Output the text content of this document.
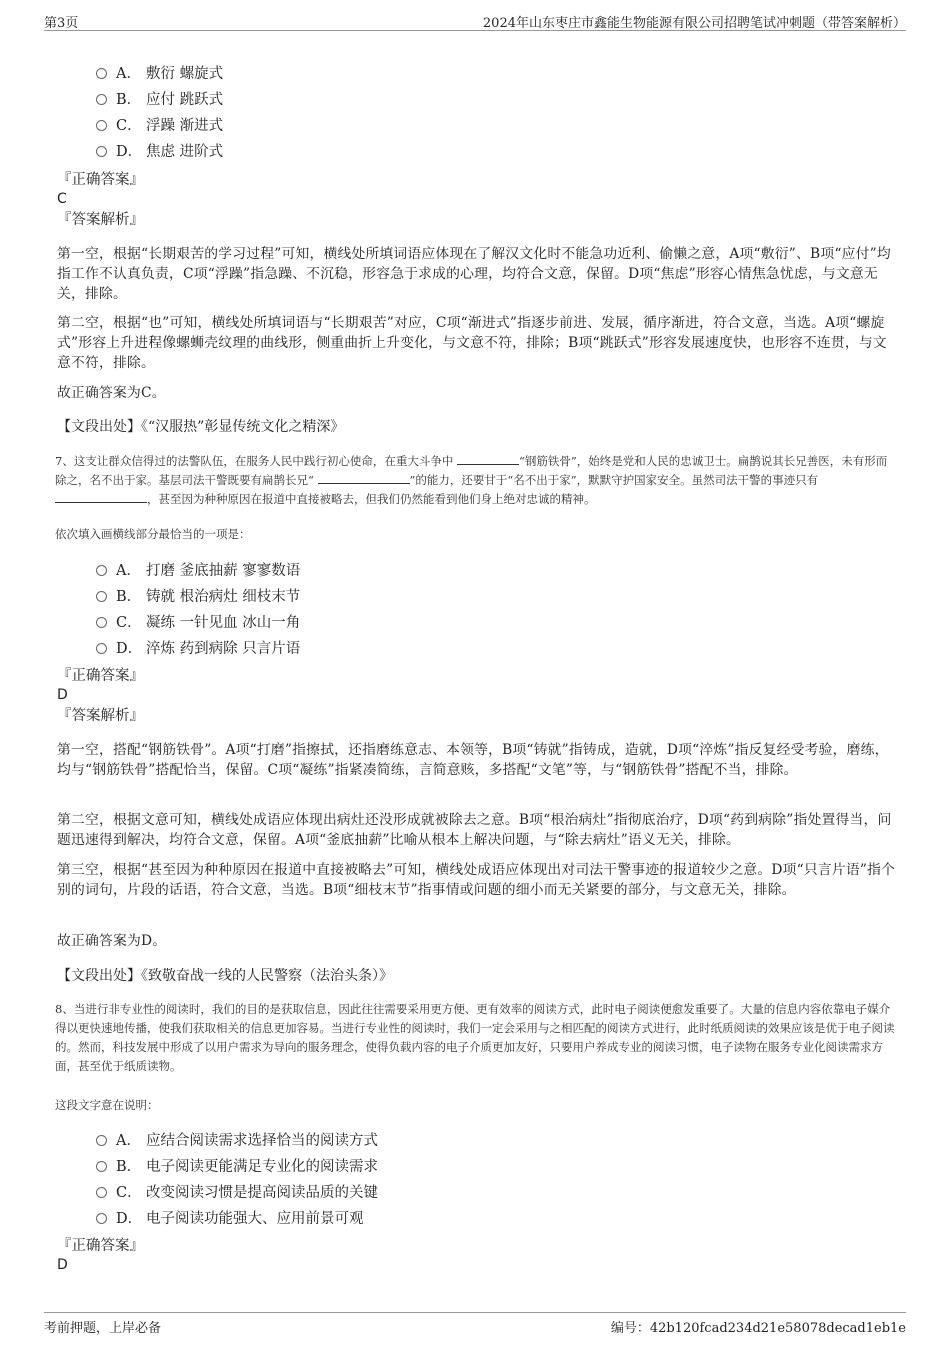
第3页	2024年山东枣庄市鑫能生物能源有限公司招聘笔试冲刺题（带答案解析）
A． 敷衍 螺旋式
B． 应付 跳跃式
C． 浮躁 渐进式
D． 焦虑 进阶式
『正确答案』
C
『答案解析』
第一空，根据“长期艰苦的学习过程”可知，横线处所填词语应体现在了解汉文化时不能急功近利、偷懒之意，A项“敷衍”、B项“应付”均指工作不认真负责，C项“浮躁”指急躁、不沉稳，形容急于求成的心理，均符合文意，保留。D项“焦虑”形容心情焦急忧虑，与文意无关，排除。
第二空，根据“也”可知，横线处所填词语与“长期艰苦”对应，C项“渐进式”指逐步前进、发展，循序渐进，符合文意，当选。A项“螺旋式”形容上升进程像螺蛳壳纹理的曲线形，侧重曲折上升变化，与文意不符，排除；B项“跳跃式”形容发展速度快，也形容不连贯，与文意不符，排除。
故正确答案为C。
【文段出处】《“汉服热”彰显传统文化之精深》
7、这支让群众信得过的法警队伍，在服务人民中践行初心使命，在重大斗争中	“钢筋铁骨”，始终是党和人民的忠诚卫士。扁鹊说其长兄善医，未有形而除之，名不出于家。基层司法干警既要有扁鹊长兄“	”的能力，还要甘于“名不出于家”，默默守护国家安全。虽然司法干警的事迹只有 ，甚至因为种种原因在报道中直接被略去，但我们仍然能看到他们身上绝对忠诚的精神。
依次填入画横线部分最恰当的一项是：
A． 打磨 釜底抽薪 寥寥数语
B． 铸就 根治病灶 细枝末节
C． 凝练 一针见血 冰山一角
D． 淬炼 药到病除 只言片语
『正确答案』
D
『答案解析』
第一空，搭配“钢筋铁骨”。A项“打磨”指擦拭，还指磨练意志、本领等，B项“铸就”指铸成，造就，D项“淬炼”指反复经受考验，磨练，均与“钢筋铁骨”搭配恰当，保留。C项“凝练”指紧凑简练，言简意赅，多搭配“文笔”等，与“钢筋铁骨”搭配不当，排除。
第二空，根据文意可知，横线处成语应体现出病灶还没形成就被除去之意。B项“根治病灶”指彻底治疗，D项“药到病除”指处置得当，问题迅速得到解决，均符合文意，保留。A项“釜底抽薪”比喻从根本上解决问题，与“除去病灶”语义无关，排除。
第三空，根据“甚至因为种种原因在报道中直接被略去”可知，横线处成语应体现出对司法干警事迹的报道较少之意。D项“只言片语”指个别的词句，片段的话语，符合文意，当选。B项“细枝末节”指事情或问题的细小而无关紧要的部分，与文意无关，排除。
故正确答案为D。
【文段出处】《致敬奋战一线的人民警察（法治头条）》
8、当进行非专业性的阅读时，我们的目的是获取信息，因此往往需要采用更方便、更有效率的阅读方式，此时电子阅读便愈发重要了。大量的信息内容依靠电子媒介得以更快速地传播，使我们获取相关的信息更加容易。当进行专业性的阅读时，我们一定会采用与之相匹配的阅读方式进行，此时纸质阅读的效果应该是优于电子阅读的。然而，科技发展中形成了以用户需求为导向的服务理念，使得负载内容的电子介质更加友好，只要用户养成专业的阅读习惯，电子读物在服务专业化阅读需求方面，甚至优于纸质读物。
这段文字意在说明：
A． 应结合阅读需求选择恰当的阅读方式
B． 电子阅读更能满足专业化的阅读需求
C． 改变阅读习惯是提高阅读品质的关键
D． 电子阅读功能强大、应用前景可观
『正确答案』
D
考前押题，上岸必备	编号：42b120fcad234d21e58078decad1eb1e
